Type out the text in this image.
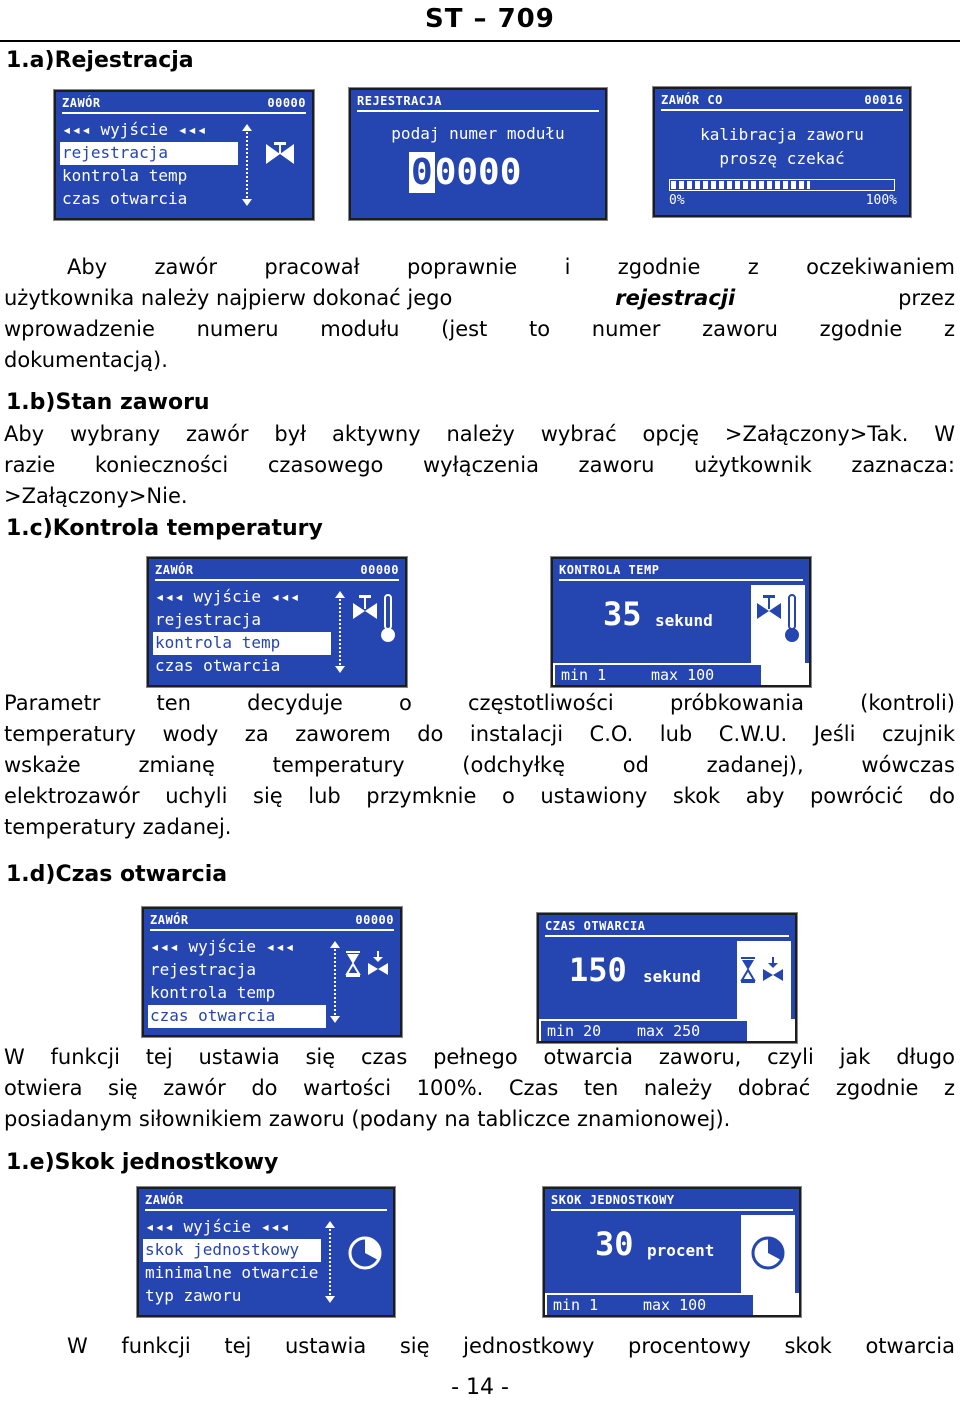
ST – 709
1.a)Rejestracja
ZAWÓR	00000
◂◂◂ wyjście ◂◂◂
rejestracja
kontrola temp
czas otwarcia
REJESTRACJA
podaj numer modułu
00000
ZAWÓR CO	00016
kalibracja zaworu
proszę czekać
0%	100%
Aby zawór pracował poprawnie i zgodnie z oczekiwaniem
użytkownika należy najpierw dokonać jego	rejestracji	przez
wprowadzenie numeru modułu (jest to numer zaworu zgodnie z
dokumentacją).
1.b)Stan zaworu
Aby wybrany zawór był aktywny należy wybrać opcję >Załączony>Tak. W
razie konieczności czasowego wyłączenia zaworu użytkownik zaznacza:
>Załączony>Nie.
1.c)Kontrola temperatury
ZAWÓR	00000
◂◂◂ wyjście ◂◂◂
rejestracja
kontrola temp
czas otwarcia
KONTROLA TEMP
35 sekund
min 1	max 100
Parametr ten decyduje o częstotliwości próbkowania (kontroli)
temperatury wody za zaworem do instalacji C.O. lub C.W.U. Jeśli czujnik
wskaże zmianę temperatury (odchyłkę od zadanej), wówczas
elektrozawór uchyli się lub przymknie o ustawiony skok aby powrócić do
temperatury zadanej.
1.d)Czas otwarcia
ZAWÓR	00000
◂◂◂ wyjście ◂◂◂
rejestracja
kontrola temp
czas otwarcia
CZAS OTWARCIA
150 sekund
min 20	max 250
W funkcji tej ustawia się czas pełnego otwarcia zaworu, czyli jak długo
otwiera się zawór do wartości 100%. Czas ten należy dobrać zgodnie z
posiadanym siłownikiem zaworu (podany na tabliczce znamionowej).
1.e)Skok jednostkowy
ZAWÓR
◂◂◂ wyjście ◂◂◂
skok jednostkowy
minimalne otwarcie
typ zaworu
SKOK JEDNOSTKOWY
30 procent
min 1	max 100
W funkcji tej ustawia się jednostkowy procentowy skok otwarcia
- 14 -
